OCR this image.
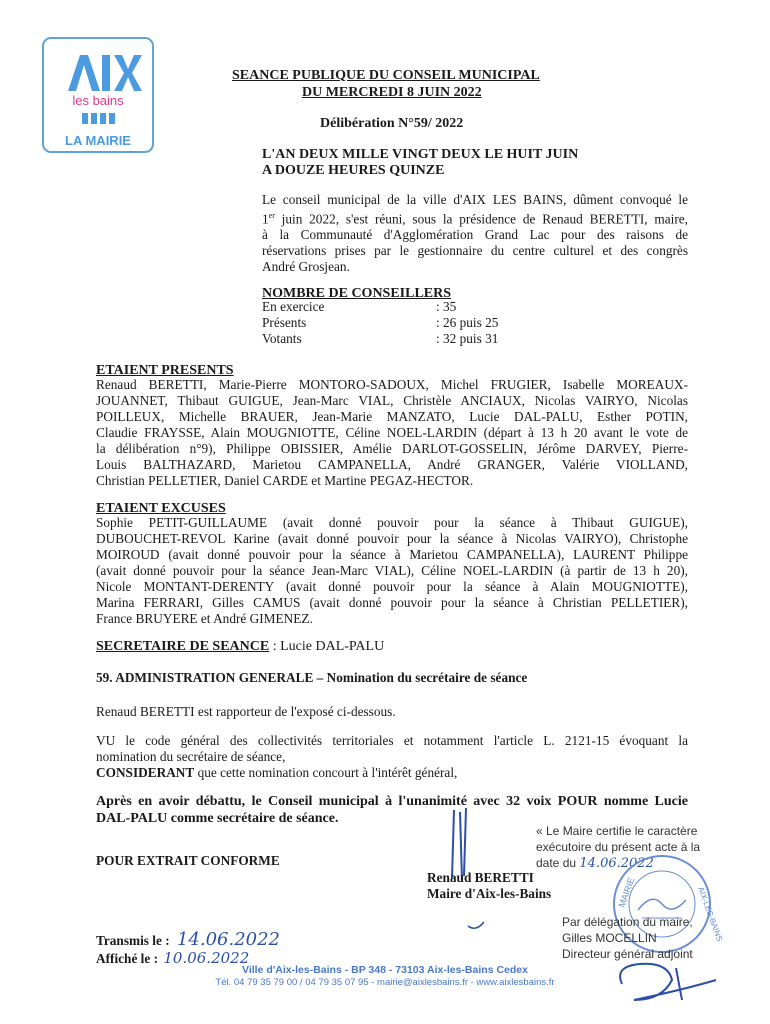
les bains
LA MAIRIE
SEANCE PUBLIQUE DU CONSEIL MUNICIPAL
DU MERCREDI 8 JUIN 2022
Délibération N°59/ 2022
L'AN DEUX MILLE VINGT DEUX LE HUIT JUIN
A DOUZE HEURES QUINZE

Le conseil municipal de la ville d'AIX LES BAINS, dûment convoqué le

1er juin 2022, s'est réuni, sous la présidence de Renaud BERETTI, maire,

à la Communauté d'Agglomération Grand Lac pour des raisons de

réservations prises par le gestionnaire du centre culturel et des congrès

André Grosjean.

NOMBRE DE CONSEILLERS
En exercice	: 35
Présents	: 26 puis 25
Votants	: 32 puis 31
ETAIENT PRESENTS

Renaud BERETTI, Marie-Pierre MONTORO-SADOUX, Michel FRUGIER, Isabelle MOREAUX-

JOUANNET, Thibaut GUIGUE, Jean-Marc VIAL, Christèle ANCIAUX, Nicolas VAIRYO, Nicolas

POILLEUX, Michelle BRAUER, Jean-Marie MANZATO, Lucie DAL-PALU, Esther POTIN,

Claudie FRAYSSE, Alain MOUGNIOTTE, Céline NOEL-LARDIN (départ à 13 h 20 avant le vote de

la délibération n°9), Philippe OBISSIER, Amélie DARLOT-GOSSELIN, Jérôme DARVEY, Pierre-

Louis BALTHAZARD, Marietou CAMPANELLA, André GRANGER, Valérie VIOLLAND,

Christian PELLETIER, Daniel CARDE et Martine PEGAZ-HECTOR.

ETAIENT EXCUSES

Sophie PETIT-GUILLAUME (avait donné pouvoir pour la séance à Thibaut GUIGUE),

DUBOUCHET-REVOL Karine (avait donné pouvoir pour la séance à Nicolas VAIRYO), Christophe

MOIROUD (avait donné pouvoir pour la séance à Marietou CAMPANELLA), LAURENT Philippe

(avait donné pouvoir pour la séance Jean-Marc VIAL), Céline NOEL-LARDIN (à partir de 13 h 20),

Nicole MONTANT-DERENTY (avait donné pouvoir pour la séance à Alain MOUGNIOTTE),

Marina FERRARI, Gilles CAMUS (avait donné pouvoir pour la séance à Christian PELLETIER),

France BRUYERE et André GIMENEZ.

SECRETAIRE DE SEANCE : Lucie DAL-PALU
59. ADMINISTRATION GENERALE – Nomination du secrétaire de séance
Renaud BERETTI est rapporteur de l'exposé ci-dessous.

VU le code général des collectivités territoriales et notamment l'article L. 2121-15 évoquant la

nomination du secrétaire de séance,

CONSIDERANT que cette nomination concourt à l'intérêt général,

Après en avoir débattu, le Conseil municipal à l'unanimité avec 32 voix POUR nomme Lucie

DAL-PALU comme secrétaire de séance.

POUR EXTRAIT CONFORME
Renaud BERETTI
Maire d'Aix-les-Bains

« Le Maire certifie le caractère

exécutoire du présent acte à la

date du 14.06.2022

MAIRIE	AIX-LES-BAINS

Par délégation du maire,

Gilles MOCELLIN

Directeur général adjoint

Transmis le : 14.06.2022
Affiché le : 10.06.2022
Ville d'Aix-les-Bains - BP 348 - 73103 Aix-les-Bains Cedex
Tél. 04 79 35 79 00 / 04 79 35 07 95 - mairie@aixlesbains.fr - www.aixlesbains.fr
